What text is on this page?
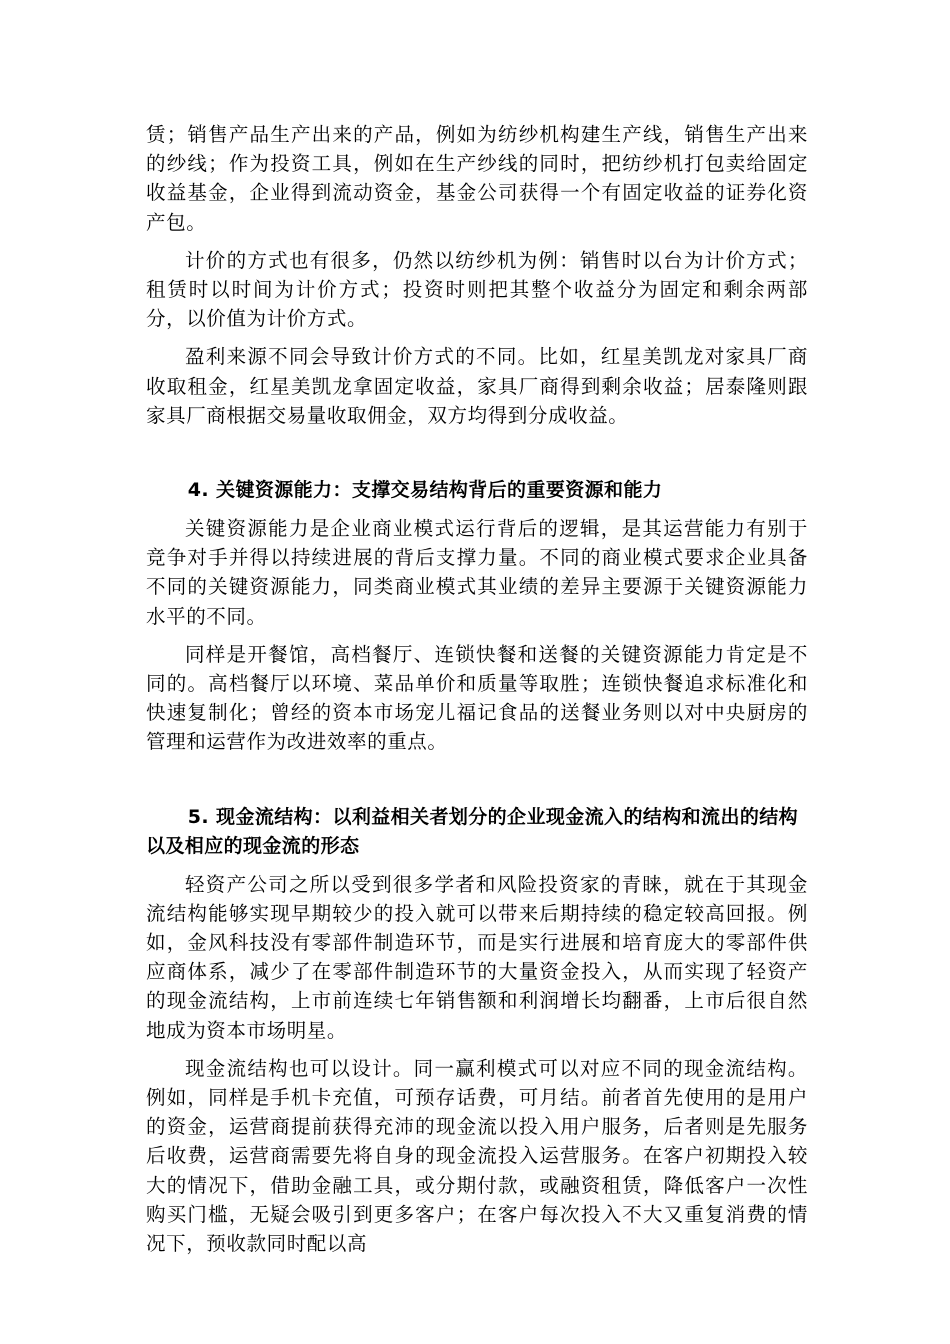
赁；销售产品生产出来的产品，例如为纺纱机构建生产线，销售生产出来的纱线；作为投资工具，例如在生产纱线的同时，把纺纱机打包卖给固定收益基金，企业得到流动资金，基金公司获得一个有固定收益的证券化资产包。

计价的方式也有很多，仍然以纺纱机为例：销售时以台为计价方式；租赁时以时间为计价方式；投资时则把其整个收益分为固定和剩余两部分，以价值为计价方式。

盈利来源不同会导致计价方式的不同。比如，红星美凯龙对家具厂商收取租金，红星美凯龙拿固定收益，家具厂商得到剩余收益；居泰隆则跟家具厂商根据交易量收取佣金，双方均得到分成收益。

4. 关键资源能力：支撑交易结构背后的重要资源和能力

关键资源能力是企业商业模式运行背后的逻辑，是其运营能力有别于竞争对手并得以持续进展的背后支撑力量。不同的商业模式要求企业具备不同的关键资源能力，同类商业模式其业绩的差异主要源于关键资源能力水平的不同。

同样是开餐馆，高档餐厅、连锁快餐和送餐的关键资源能力肯定是不同的。高档餐厅以环境、菜品单价和质量等取胜；连锁快餐追求标准化和快速复制化；曾经的资本市场宠儿福记食品的送餐业务则以对中央厨房的管理和运营作为改进效率的重点。

5. 现金流结构：以利益相关者划分的企业现金流入的结构和流出的结构以及相应的现金流的形态

轻资产公司之所以受到很多学者和风险投资家的青睐，就在于其现金流结构能够实现早期较少的投入就可以带来后期持续的稳定较高回报。例如，金风科技没有零部件制造环节，而是实行进展和培育庞大的零部件供应商体系，减少了在零部件制造环节的大量资金投入，从而实现了轻资产的现金流结构，上市前连续七年销售额和利润增长均翻番，上市后很自然地成为资本市场明星。

现金流结构也可以设计。同一赢利模式可以对应不同的现金流结构。例如，同样是手机卡充值，可预存话费，可月结。前者首先使用的是用户的资金，运营商提前获得充沛的现金流以投入用户服务，后者则是先服务后收费，运营商需要先将自身的现金流投入运营服务。在客户初期投入较大的情况下，借助金融工具，或分期付款，或融资租赁，降低客户一次性购买门槛，无疑会吸引到更多客户；在客户每次投入不大又重复消费的情况下，预收款同时配以高
